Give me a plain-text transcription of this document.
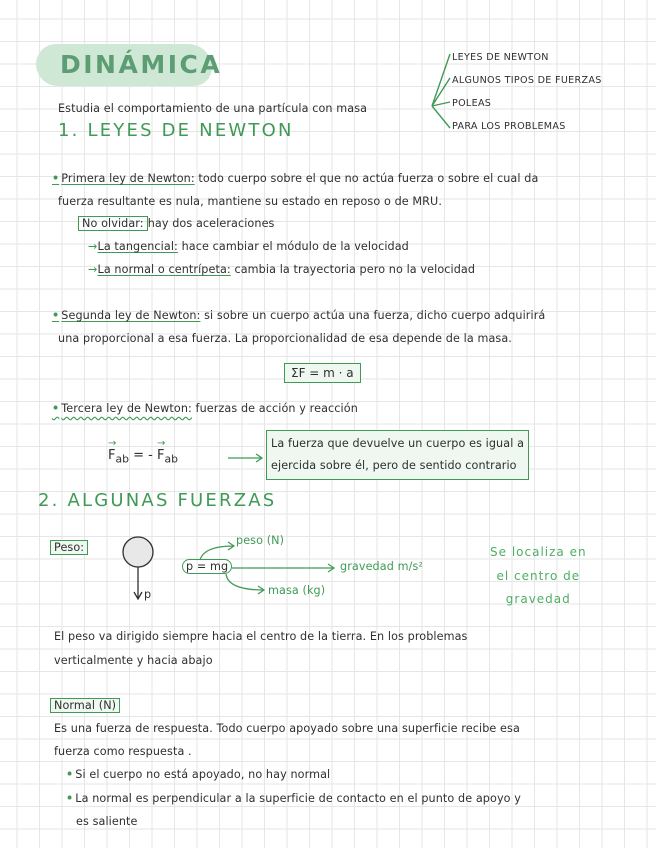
DINÁMICA	LEYES DE NEWTON
ALGUNOS TIPOS DE FUERZAS
POLEAS
PARA LOS PROBLEMAS
Estudia el comportamiento de una partícula con masa
1. LEYES DE NEWTON
• Primera ley de Newton: todo cuerpo sobre el que no actúa fuerza o sobre el cual da
fuerza resultante es nula, mantiene su estado en reposo o de MRU.
No olvidar: hay dos aceleraciones
→La tangencial: hace cambiar el módulo de la velocidad
→La normal o centrípeta: cambia la trayectoria pero no la velocidad
• Segunda ley de Newton: si sobre un cuerpo actúa una fuerza, dicho cuerpo adquirirá
una proporcional a esa fuerza. La proporcionalidad de esa depende de la masa.
ΣF = m · a
• Tercera ley de Newton: fuerzas de acción y reacción
→
$F_{ab}$ = -
→
$F_{ab}$
La fuerza que devuelve un cuerpo es igual a
ejercida sobre él, pero de sentido contrario
2. ALGUNAS FUERZAS
Peso:
p
p = mg
peso (N)
gravedad m/s²
masa (kg)
Se localiza en
el centro de
gravedad
El peso va dirigido siempre hacia el centro de la tierra. En los problemas
verticalmente y hacia abajo
Normal (N)
Es una fuerza de respuesta. Todo cuerpo apoyado sobre una superficie recibe esa
fuerza como respuesta .
• Si el cuerpo no está apoyado, no hay normal
• La normal es perpendicular a la superficie de contacto en el punto de apoyo y
es saliente
